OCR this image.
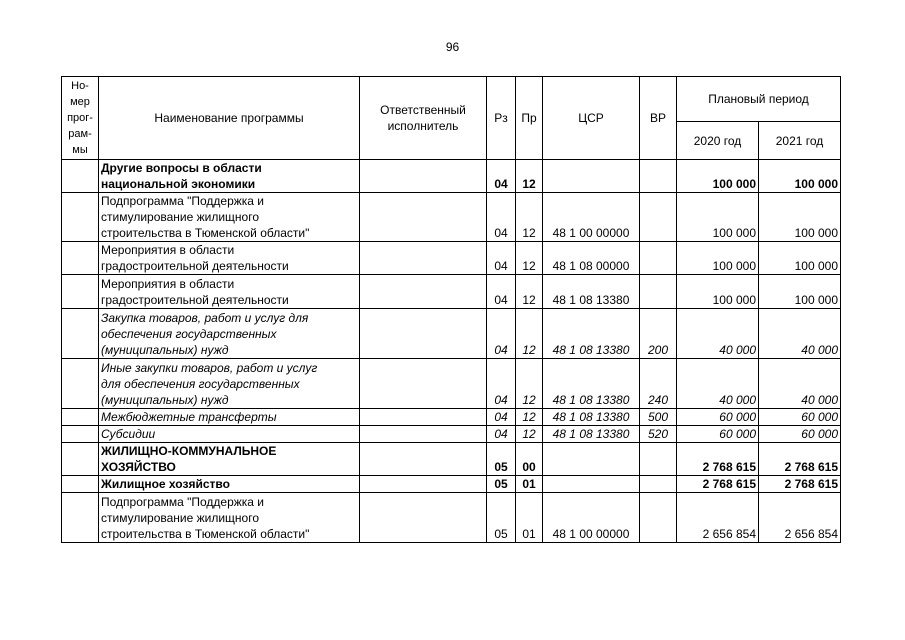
96
Но-
мер
прог-
рам-
мы	Наименование программы	Ответственный исполнитель	Рз	Пр	ЦСР	ВР	Плановый период	
							2020 год	2021 год

	Другие вопросы в области
национальной экономики		04	12			100 000	100 000

	Подпрограмма "Поддержка и
стимулирование жилищного
строительства в Тюменской области"		04	12	48 1 00 00000		100 000	100 000

	Мероприятия в области
градостроительной деятельности		04	12	48 1 08 00000		100 000	100 000

	Мероприятия в области
градостроительной деятельности		04	12	48 1 08 13380		100 000	100 000

	Закупка товаров, работ и услуг для
обеспечения государственных
(муниципальных) нужд		04	12	48 1 08 13380	200	40 000	40 000

	Иные закупки товаров, работ и услуг
для обеспечения государственных
(муниципальных) нужд		04	12	48 1 08 13380	240	40 000	40 000

	Межбюджетные трансферты		04	12	48 1 08 13380	500	60 000	60 000

	Субсидии		04	12	48 1 08 13380	520	60 000	60 000

	ЖИЛИЩНО-КОММУНАЛЬНОЕ
ХОЗЯЙСТВО		05	00			2 768 615	2 768 615

	Жилищное хозяйство		05	01			2 768 615	2 768 615

	Подпрограмма "Поддержка и
стимулирование жилищного
строительства в Тюменской области"		05	01	48 1 00 00000		2 656 854	2 656 854
